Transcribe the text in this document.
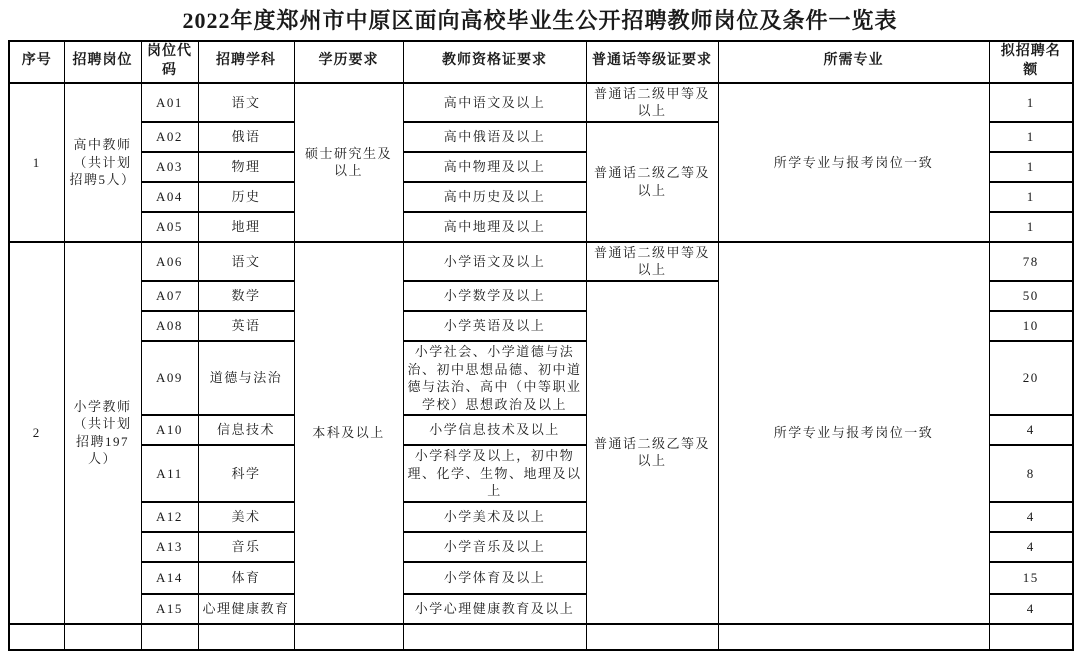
2022年度郑州市中原区面向高校毕业生公开招聘教师岗位及条件一览表
序号	招聘岗位	岗位代码	招聘学科	学历要求	教师资格证要求	普通话等级证要求	所需专业	拟招聘名额
1	高中教师（共计划招聘5人）	A01	语文	硕士研究生及以上	高中语文及以上	普通话二级甲等及以上	所学专业与报考岗位一致	1
		A02	俄语		高中俄语及以上	普通话二级乙等及以上		1
		A03	物理		高中物理及以上			1
		A04	历史		高中历史及以上			1
		A05	地理		高中地理及以上			1
2	小学教师（共计划招聘197人）	A06	语文	本科及以上	小学语文及以上	普通话二级甲等及以上	所学专业与报考岗位一致	78
		A07	数学		小学数学及以上	普通话二级乙等及以上		50
		A08	英语		小学英语及以上			10
		A09	道德与法治		小学社会、小学道德与法治、初中思想品德、初中道德与法治、高中（中等职业学校）思想政治及以上			20
		A10	信息技术		小学信息技术及以上			4
		A11	科学		小学科学及以上，初中物理、化学、生物、地理及以上			8
		A12	美术		小学美术及以上			4
		A13	音乐		小学音乐及以上			4
		A14	体育		小学体育及以上			15
		A15	心理健康教育		小学心理健康教育及以上			4
